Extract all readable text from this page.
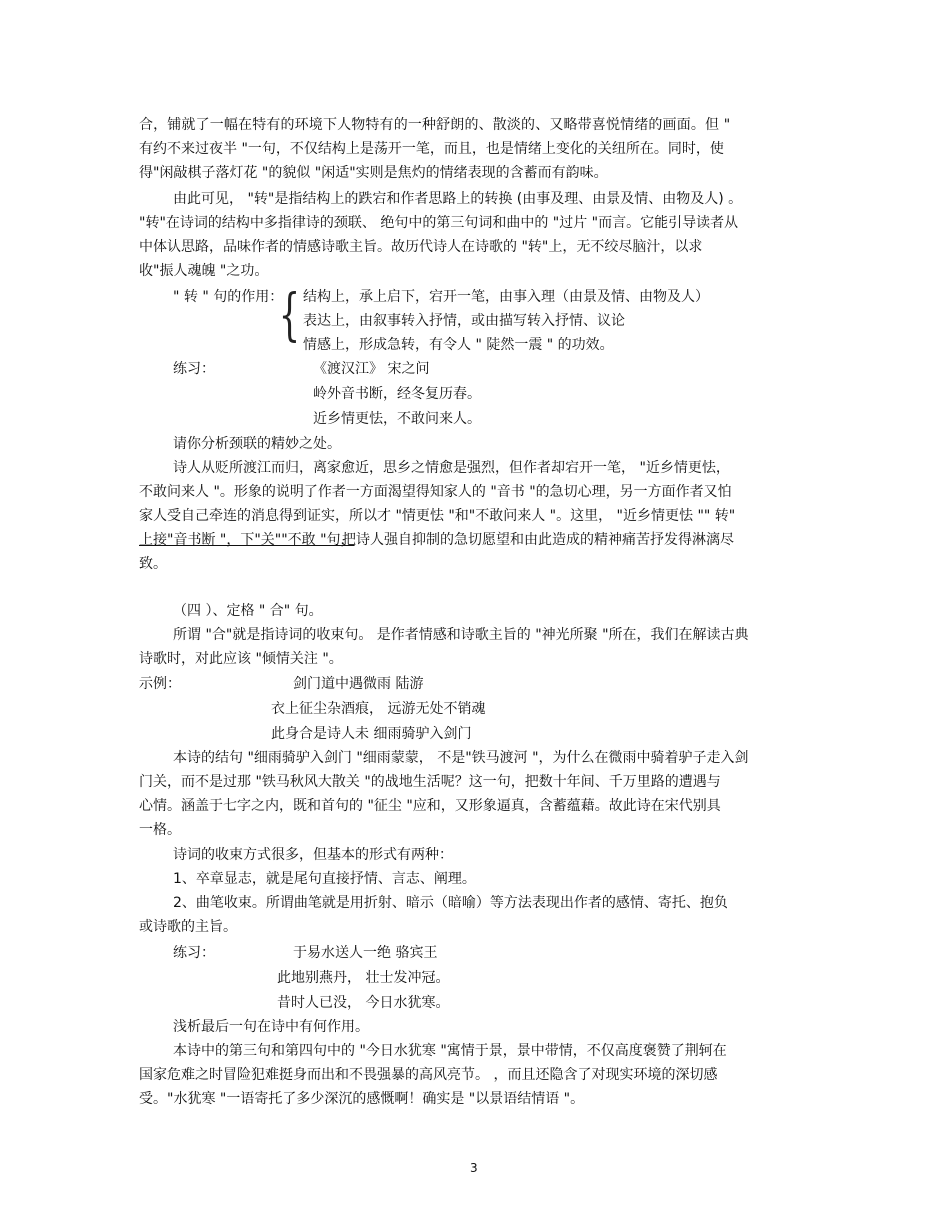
合，铺就了一幅在特有的环境下人物特有的一种舒朗的、散淡的、又略带喜悦情绪的画面。但 "
有约不来过夜半 "一句，不仅结构上是荡开一笔，而且，也是情绪上变化的关纽所在。同时，使
得"闲敲棋子落灯花 "的貌似 "闲适"实则是焦灼的情绪表现的含蓄而有韵味。
由此可见， "转"是指结构上的跌宕和作者思路上的转换 (由事及理、由景及情、由物及人) 。
"转"在诗词的结构中多指律诗的颈联、 绝句中的第三句词和曲中的 "过片 "而言。它能引导读者从
中体认思路，品味作者的情感诗歌主旨。故历代诗人在诗歌的 "转"上，无不绞尽脑汁，以求
收"振人魂魄 "之功。
" 转 " 句的作用：
{ 结构上，承上启下，宕开一笔，由事入理（由景及情、由物及人）
表达上，由叙事转入抒情，或由描写转入抒情、议论
情感上，形成急转，有令人 " 陡然一震 " 的功效。
练习：	《渡汉江》 宋之问
岭外音书断，经冬复历春。
近乡情更怯，不敢问来人。
请你分析颈联的精妙之处。
诗人从贬所渡江而归，离家愈近，思乡之情愈是强烈，但作者却宕开一笔， "近乡情更怯，
不敢问来人 "。形象的说明了作者一方面渴望得知家人的 "音书 "的急切心理，另一方面作者又怕
家人受自己牵连的消息得到证实，所以才 "情更怯 "和"不敢问来人 "。这里， "近乡情更怯 "" 转"
上接"音书断 "，下"关""不敢 "句，
把诗人强自抑制的急切愿望和由此造成的精神痛苦抒发得淋漓尽
致。
（四 ）、定格 " 合" 句。
所谓 "合"就是指诗词的收束句。 是作者情感和诗歌主旨的 "神光所聚 "所在，我们在解读古典
诗歌时，对此应该 "倾情关注 "。
示例：	剑门道中遇微雨 陆游
衣上征尘杂酒痕， 远游无处不销魂
此身合是诗人未 细雨骑驴入剑门
本诗的结句 "细雨骑驴入剑门 "细雨蒙蒙， 不是"铁马渡河 "，为什么在微雨中骑着驴子走入剑
门关，而不是过那 "铁马秋风大散关 "的战地生活呢？这一句，把数十年间、千万里路的遭遇与
心情。涵盖于七字之内，既和首句的 "征尘 "应和，又形象逼真，含蓄蕴藉。故此诗在宋代别具
一格。
诗词的收束方式很多，但基本的形式有两种：
1、卒章显志，就是尾句直接抒情、言志、阐理。
2、曲笔收束。所谓曲笔就是用折射、暗示（暗喻）等方法表现出作者的感情、寄托、抱负
或诗歌的主旨。
练习：	于易水送人一绝 骆宾王
此地别燕丹， 壮士发冲冠。
昔时人已没， 今日水犹寒。
浅析最后一句在诗中有何作用。
本诗中的第三句和第四句中的 "今日水犹寒 "寓情于景，景中带情，不仅高度褒赞了荆轲在
国家危难之时冒险犯难挺身而出和不畏强暴的高风亮节。 ，而且还隐含了对现实环境的深切感
受。"水犹寒 "一语寄托了多少深沉的感慨啊！确实是 "以景语结情语 "。
3
